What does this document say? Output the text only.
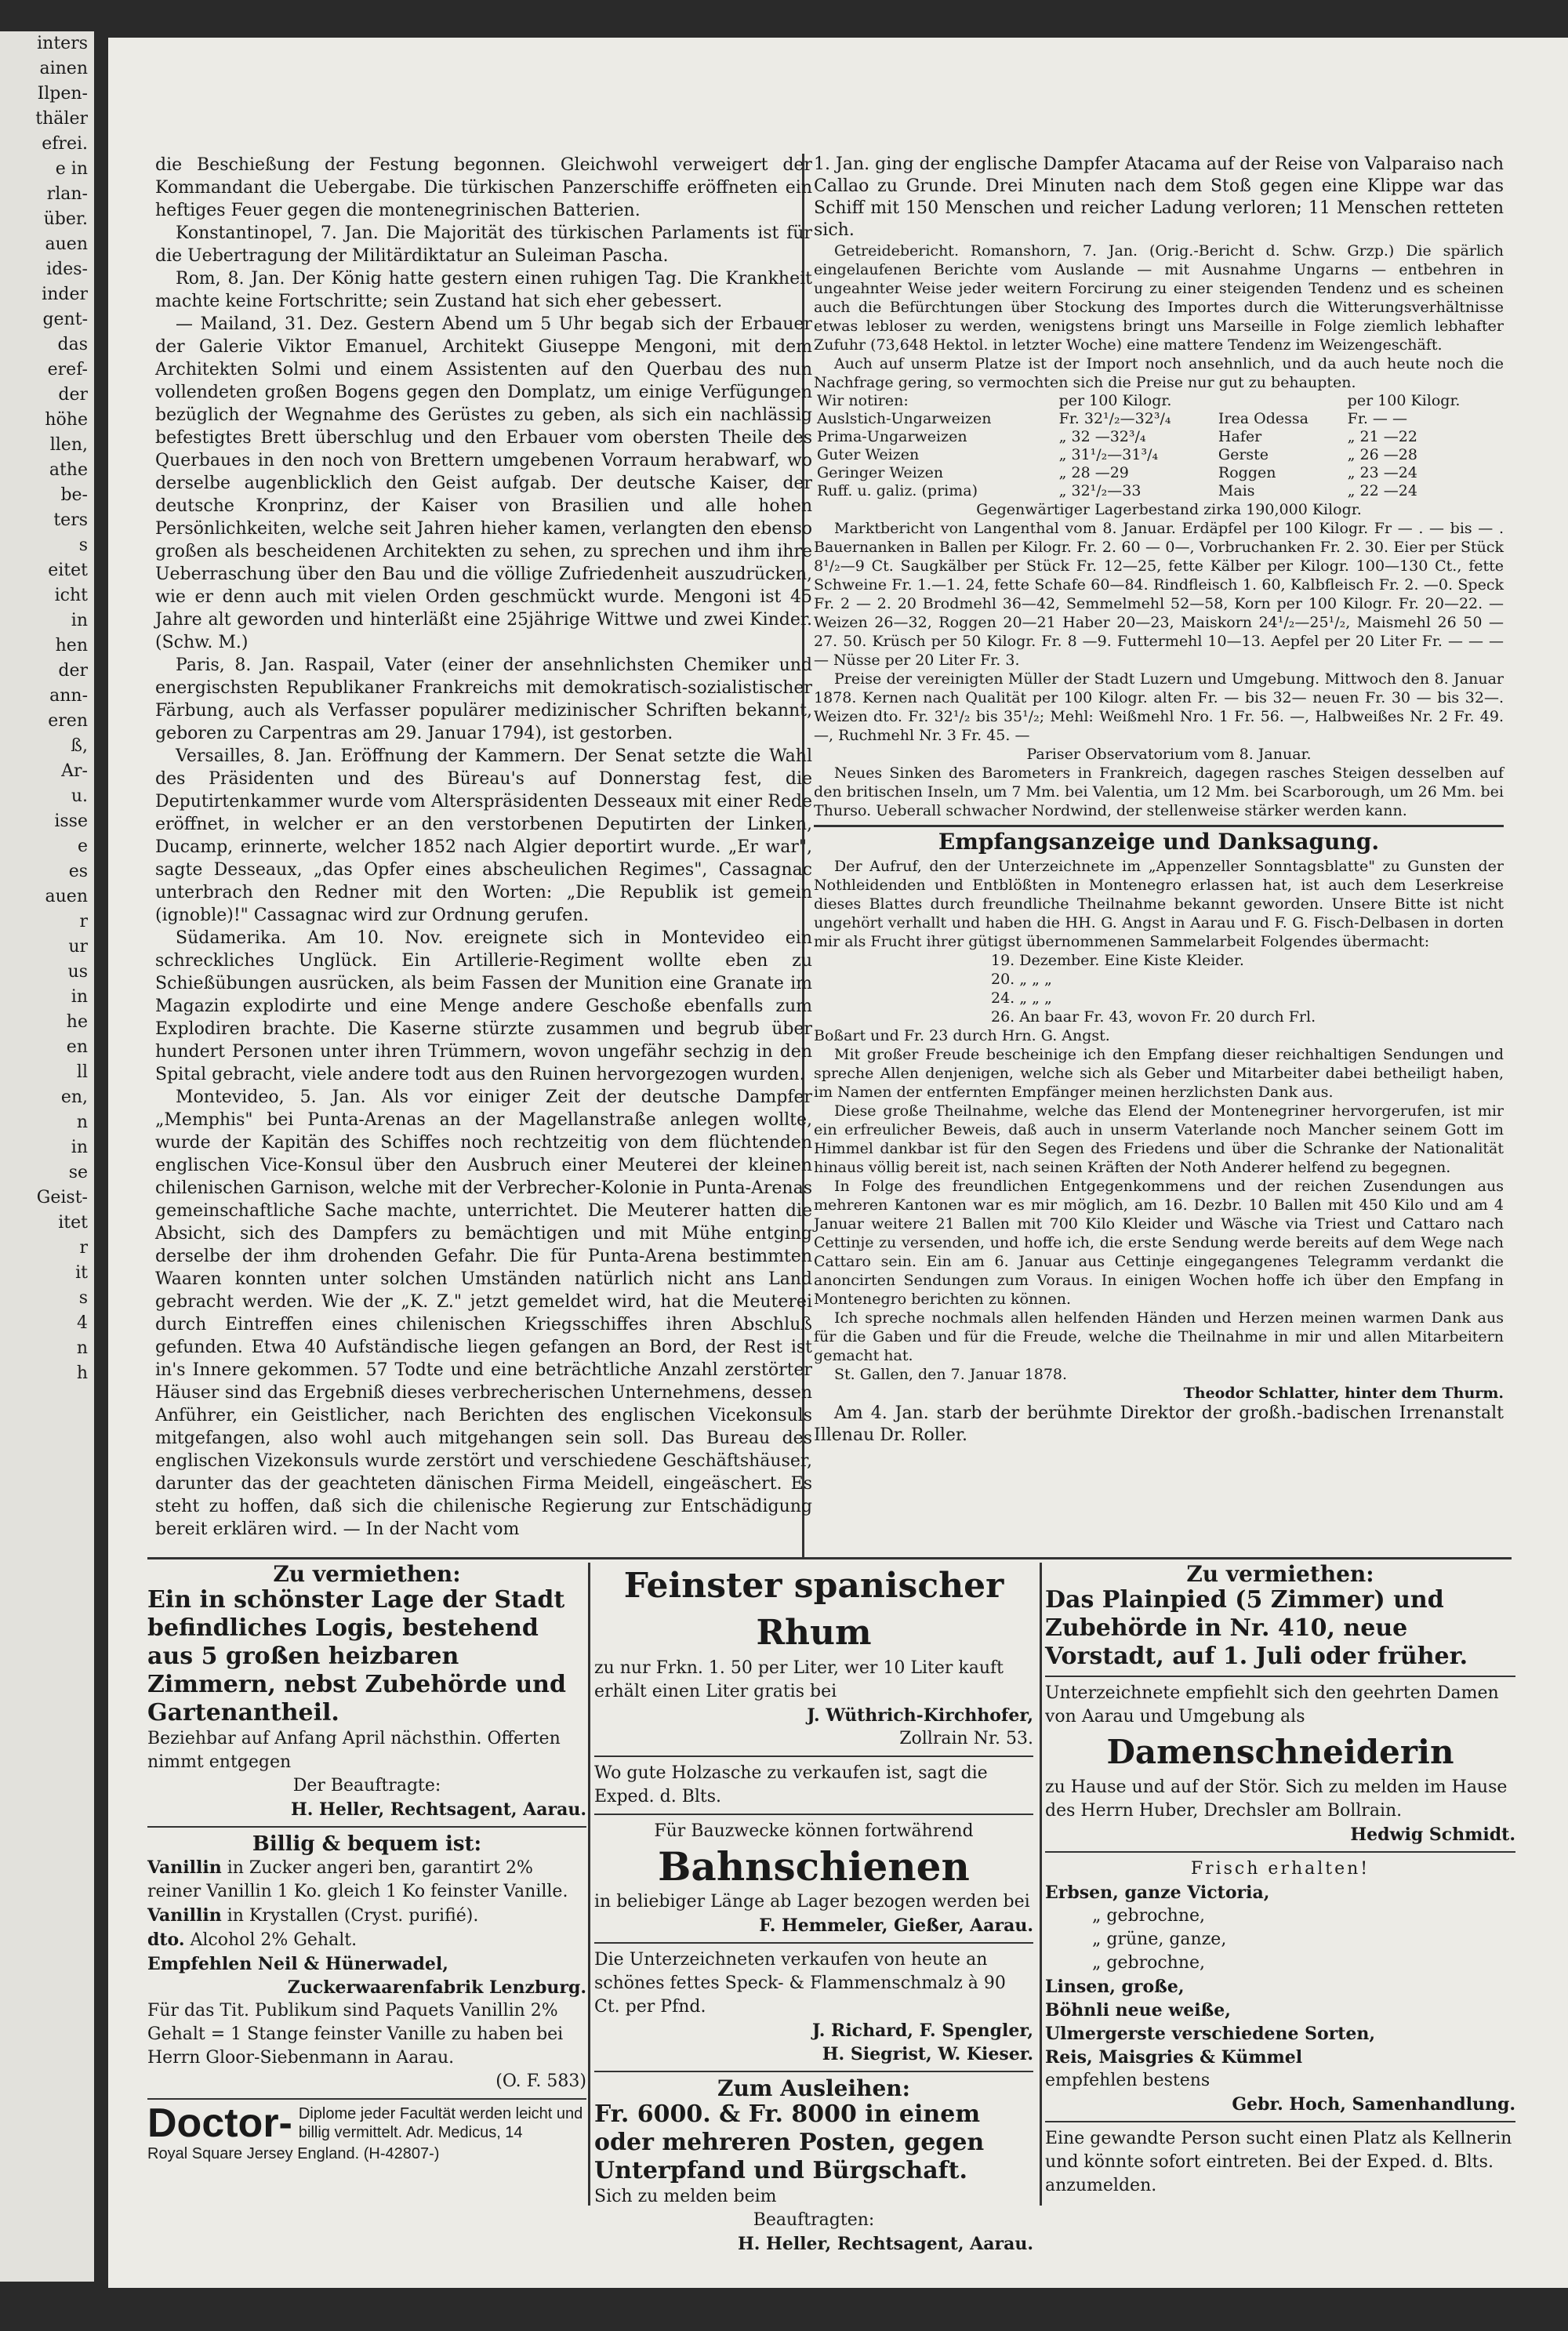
inters
ainen
Ilpen-
thäler
efrei.
e in
rlan-
über.
auen
ides-
inder
gent-
das
eref-
der
höhe
llen,
athe
be-
ters
s
eitet
icht
in
hen
der
ann-
eren
ß,
Ar-
u.
isse
e
es
auen
r
ur
us
in
he
en
ll
en,
n
in
se
Geist-
itet
r
it
s
4
n
h

die Beschießung der Festung begonnen. Gleichwohl verweigert der Kommandant die Uebergabe. Die türkischen Panzerschiffe eröffneten ein heftiges Feuer gegen die montenegrinischen Batterien.

Konstantinopel, 7. Jan. Die Majorität des türkischen Parlaments ist für die Uebertragung der Militärdiktatur an Suleiman Pascha.

Rom, 8. Jan. Der König hatte gestern einen ruhigen Tag. Die Krankheit machte keine Fortschritte; sein Zustand hat sich eher gebessert.

— Mailand, 31. Dez. Gestern Abend um 5 Uhr begab sich der Erbauer der Galerie Viktor Emanuel, Architekt Giuseppe Mengoni, mit dem Architekten Solmi und einem Assistenten auf den Querbau des nun vollendeten großen Bogens gegen den Domplatz, um einige Verfügungen bezüglich der Wegnahme des Gerüstes zu geben, als sich ein nachlässig befestigtes Brett überschlug und den Erbauer vom obersten Theile des Querbaues in den noch von Brettern umgebenen Vorraum herabwarf, wo derselbe augenblicklich den Geist aufgab. Der deutsche Kaiser, der deutsche Kronprinz, der Kaiser von Brasilien und alle hohen Persönlichkeiten, welche seit Jahren hieher kamen, verlangten den ebenso großen als bescheidenen Architekten zu sehen, zu sprechen und ihm ihre Ueberraschung über den Bau und die völlige Zufriedenheit auszudrücken, wie er denn auch mit vielen Orden geschmückt wurde. Mengoni ist 45 Jahre alt geworden und hinterläßt eine 25jährige Wittwe und zwei Kinder. (Schw. M.)

Paris, 8. Jan. Raspail, Vater (einer der ansehnlichsten Chemiker und energischsten Republikaner Frankreichs mit demokratisch-sozialistischer Färbung, auch als Verfasser populärer medizinischer Schriften bekannt, geboren zu Carpentras am 29. Januar 1794), ist gestorben.

Versailles, 8. Jan. Eröffnung der Kammern. Der Senat setzte die Wahl des Präsidenten und des Büreau's auf Donnerstag fest, die Deputirtenkammer wurde vom Alterspräsidenten Desseaux mit einer Rede eröffnet, in welcher er an den verstorbenen Deputirten der Linken, Ducamp, erinnerte, welcher 1852 nach Algier deportirt wurde. „Er war", sagte Desseaux, „das Opfer eines abscheulichen Regimes", Cassagnac unterbrach den Redner mit den Worten: „Die Republik ist gemein (ignoble)!" Cassagnac wird zur Ordnung gerufen.

Südamerika. Am 10. Nov. ereignete sich in Montevideo ein schreckliches Unglück. Ein Artillerie-Regiment wollte eben zu Schießübungen ausrücken, als beim Fassen der Munition eine Granate im Magazin explodirte und eine Menge andere Geschoße ebenfalls zum Explodiren brachte. Die Kaserne stürzte zusammen und begrub über hundert Personen unter ihren Trümmern, wovon ungefähr sechzig in den Spital gebracht, viele andere todt aus den Ruinen hervorgezogen wurden.

Montevideo, 5. Jan. Als vor einiger Zeit der deutsche Dampfer „Memphis" bei Punta-Arenas an der Magellanstraße anlegen wollte, wurde der Kapitän des Schiffes noch rechtzeitig von dem flüchtenden englischen Vice-Konsul über den Ausbruch einer Meuterei der kleinen chilenischen Garnison, welche mit der Verbrecher-Kolonie in Punta-Arenas gemeinschaftliche Sache machte, unterrichtet. Die Meuterer hatten die Absicht, sich des Dampfers zu bemächtigen und mit Mühe entging derselbe der ihm drohenden Gefahr. Die für Punta-Arena bestimmten Waaren konnten unter solchen Umständen natürlich nicht ans Land gebracht werden. Wie der „K. Z." jetzt gemeldet wird, hat die Meuterei durch Eintreffen eines chilenischen Kriegsschiffes ihren Abschluß gefunden. Etwa 40 Aufständische liegen gefangen an Bord, der Rest ist in's Innere gekommen. 57 Todte und eine beträchtliche Anzahl zerstörter Häuser sind das Ergebniß dieses verbrecherischen Unternehmens, dessen Anführer, ein Geistlicher, nach Berichten des englischen Vicekonsuls mitgefangen, also wohl auch mitgehangen sein soll. Das Bureau des englischen Vizekonsuls wurde zerstört und verschiedene Geschäftshäuser, darunter das der geachteten dänischen Firma Meidell, eingeäschert. Es steht zu hoffen, daß sich die chilenische Regierung zur Entschädigung bereit erklären wird. — In der Nacht vom

1. Jan. ging der englische Dampfer Atacama auf der Reise von Valparaiso nach Callao zu Grunde. Drei Minuten nach dem Stoß gegen eine Klippe war das Schiff mit 150 Menschen und reicher Ladung verloren; 11 Menschen retteten sich.

Getreidebericht. Romanshorn, 7. Jan. (Orig.-Bericht d. Schw. Grzp.) Die spärlich eingelaufenen Berichte vom Auslande — mit Ausnahme Ungarns — entbehren in ungeahnter Weise jeder weitern Forcirung zu einer steigenden Tendenz und es scheinen auch die Befürchtungen über Stockung des Importes durch die Witterungsverhältnisse etwas lebloser zu werden, wenigstens bringt uns Marseille in Folge ziemlich lebhafter Zufuhr (73,648 Hektol. in letzter Woche) eine mattere Tendenz im Weizengeschäft.

Auch auf unserm Platze ist der Import noch ansehnlich, und da auch heute noch die Nachfrage gering, so vermochten sich die Preise nur gut zu behaupten.

Wir notiren:	per 100 Kilogr.		per 100 Kilogr.
Auslstich-Ungarweizen	Fr. 32¹/₂—32³/₄	Irea Odessa	Fr. — —
Prima-Ungarweizen	„ 32 —32³/₄	Hafer	„ 21 —22
Guter Weizen	„ 31¹/₂—31³/₄	Gerste	„ 26 —28
Geringer Weizen	„ 28 —29	Roggen	„ 23 —24
Ruff. u. galiz. (prima)	„ 32¹/₂—33	Mais	„ 22 —24

Gegenwärtiger Lagerbestand zirka 190,000 Kilogr.

Marktbericht von Langenthal vom 8. Januar. Erdäpfel per 100 Kilogr. Fr — . — bis — . Bauernanken in Ballen per Kilogr. Fr. 2. 60 — 0—, Vorbruchanken Fr. 2. 30. Eier per Stück 8¹/₂—9 Ct. Saugkälber per Stück Fr. 12—25, fette Kälber per Kilogr. 100—130 Ct., fette Schweine Fr. 1.—1. 24, fette Schafe 60—84. Rindfleisch 1. 60, Kalbfleisch Fr. 2. —0. Speck Fr. 2 — 2. 20 Brodmehl 36—42, Semmelmehl 52—58, Korn per 100 Kilogr. Fr. 20—22. — Weizen 26—32, Roggen 20—21 Haber 20—23, Maiskorn 24¹/₂—25¹/₂, Maismehl 26 50 — 27. 50. Krüsch per 50 Kilogr. Fr. 8 —9. Futtermehl 10—13. Aepfel per 20 Liter Fr. — — — — Nüsse per 20 Liter Fr. 3.

Preise der vereinigten Müller der Stadt Luzern und Umgebung. Mittwoch den 8. Januar 1878. Kernen nach Qualität per 100 Kilogr. alten Fr. — bis 32— neuen Fr. 30 — bis 32—. Weizen dto. Fr. 32¹/₂ bis 35¹/₂; Mehl: Weißmehl Nro. 1 Fr. 56. —, Halbweißes Nr. 2 Fr. 49. —, Ruchmehl Nr. 3 Fr. 45. —

Pariser Observatorium vom 8. Januar.

Neues Sinken des Barometers in Frankreich, dagegen rasches Steigen desselben auf den britischen Inseln, um 7 Mm. bei Valentia, um 12 Mm. bei Scarborough, um 26 Mm. bei Thurso. Ueberall schwacher Nordwind, der stellenweise stärker werden kann.

Empfangsanzeige und Danksagung.

Der Aufruf, den der Unterzeichnete im „Appenzeller Sonntagsblatte" zu Gunsten der Nothleidenden und Entblößten in Montenegro erlassen hat, ist auch dem Leserkreise dieses Blattes durch freundliche Theilnahme bekannt geworden. Unsere Bitte ist nicht ungehört verhallt und haben die HH. G. Angst in Aarau und F. G. Fisch-Delbasen in dorten mir als Frucht ihrer gütigst übernommenen Sammelarbeit Folgendes übermacht:

19. Dezember. Eine Kiste Kleider.

20. „ „ „

24. „ „ „

26. An baar Fr. 43, wovon Fr. 20 durch Frl.

Boßart und Fr. 23 durch Hrn. G. Angst.

Mit großer Freude bescheinige ich den Empfang dieser reichhaltigen Sendungen und spreche Allen denjenigen, welche sich als Geber und Mitarbeiter dabei betheiligt haben, im Namen der entfernten Empfänger meinen herzlichsten Dank aus.

Diese große Theilnahme, welche das Elend der Montenegriner hervorgerufen, ist mir ein erfreulicher Beweis, daß auch in unserm Vaterlande noch Mancher seinem Gott im Himmel dankbar ist für den Segen des Friedens und über die Schranke der Nationalität hinaus völlig bereit ist, nach seinen Kräften der Noth Anderer helfend zu begegnen.

In Folge des freundlichen Entgegenkommens und der reichen Zusendungen aus mehreren Kantonen war es mir möglich, am 16. Dezbr. 10 Ballen mit 450 Kilo und am 4 Januar weitere 21 Ballen mit 700 Kilo Kleider und Wäsche via Triest und Cattaro nach Cettinje zu versenden, und hoffe ich, die erste Sendung werde bereits auf dem Wege nach Cattaro sein. Ein am 6. Januar aus Cettinje eingegangenes Telegramm verdankt die anoncirten Sendungen zum Voraus. In einigen Wochen hoffe ich über den Empfang in Montenegro berichten zu können.

Ich spreche nochmals allen helfenden Händen und Herzen meinen warmen Dank aus für die Gaben und für die Freude, welche die Theilnahme in mir und allen Mitarbeitern gemacht hat.

St. Gallen, den 7. Januar 1878.

Theodor Schlatter, hinter dem Thurm.

Am 4. Jan. starb der berühmte Direktor der großh.-badischen Irrenanstalt Illenau Dr. Roller.

Zu vermiethen:
Ein in schönster Lage der Stadt befindliches Logis, bestehend aus 5 großen heizbaren Zimmern, nebst Zubehörde und Gartenantheil.
Beziehbar auf Anfang April nächsthin. Offerten nimmt entgegen
Der Beauftragte:
H. Heller, Rechtsagent, Aarau.
Billig & bequem ist:
Vanillin in Zucker angeri ben, garantirt 2% reiner Vanillin 1 Ko. gleich 1 Ko feinster Vanille.
Vanillin in Krystallen (Cryst. purifié).
dto. Alcohol 2% Gehalt.
Empfehlen Neil & Hünerwadel,
Zuckerwaarenfabrik Lenzburg.
Für das Tit. Publikum sind Paquets Vanillin 2% Gehalt = 1 Stange feinster Vanille zu haben bei Herrn Gloor-Siebenmann in Aarau.
(O. F. 583)
Doctor- Diplome jeder Facultät werden leicht und billig vermittelt. Adr. Medicus, 14
Royal Square Jersey England. (H-42807-)
Feinster spanischer Rhum
zu nur Frkn. 1. 50 per Liter, wer 10 Liter kauft erhält einen Liter gratis bei
J. Wüthrich-Kirchhofer,
Zollrain Nr. 53.
Wo gute Holzasche zu verkaufen ist, sagt die Exped. d. Blts.
Für Bauzwecke können fortwährend
Bahnschienen
in beliebiger Länge ab Lager bezogen werden bei
F. Hemmeler, Gießer, Aarau.
Die Unterzeichneten verkaufen von heute an schönes fettes Speck- & Flammenschmalz à 90 Ct. per Pfnd.
J. Richard, F. Spengler,
H. Siegrist, W. Kieser.
Zum Ausleihen:
Fr. 6000. & Fr. 8000 in einem oder mehreren Posten, gegen Unterpfand und Bürgschaft.
Sich zu melden beim
Beauftragten:
H. Heller, Rechtsagent, Aarau.
Zu vermiethen:
Das Plainpied (5 Zimmer) und Zubehörde in Nr. 410, neue Vorstadt, auf 1. Juli oder früher.
Unterzeichnete empfiehlt sich den geehrten Damen von Aarau und Umgebung als
Damenschneiderin
zu Hause und auf der Stör. Sich zu melden im Hause des Herrn Huber, Drechsler am Bollrain.
Hedwig Schmidt.
Frisch erhalten!
Erbsen, ganze Victoria,
„ gebrochne,
„ grüne, ganze,
„ gebrochne,
Linsen, große,
Böhnli neue weiße,
Ulmergerste verschiedene Sorten,
Reis, Maisgries & Kümmel
empfehlen bestens
Gebr. Hoch, Samenhandlung.
Eine gewandte Person sucht einen Platz als Kellnerin und könnte sofort eintreten. Bei der Exped. d. Blts. anzumelden.
